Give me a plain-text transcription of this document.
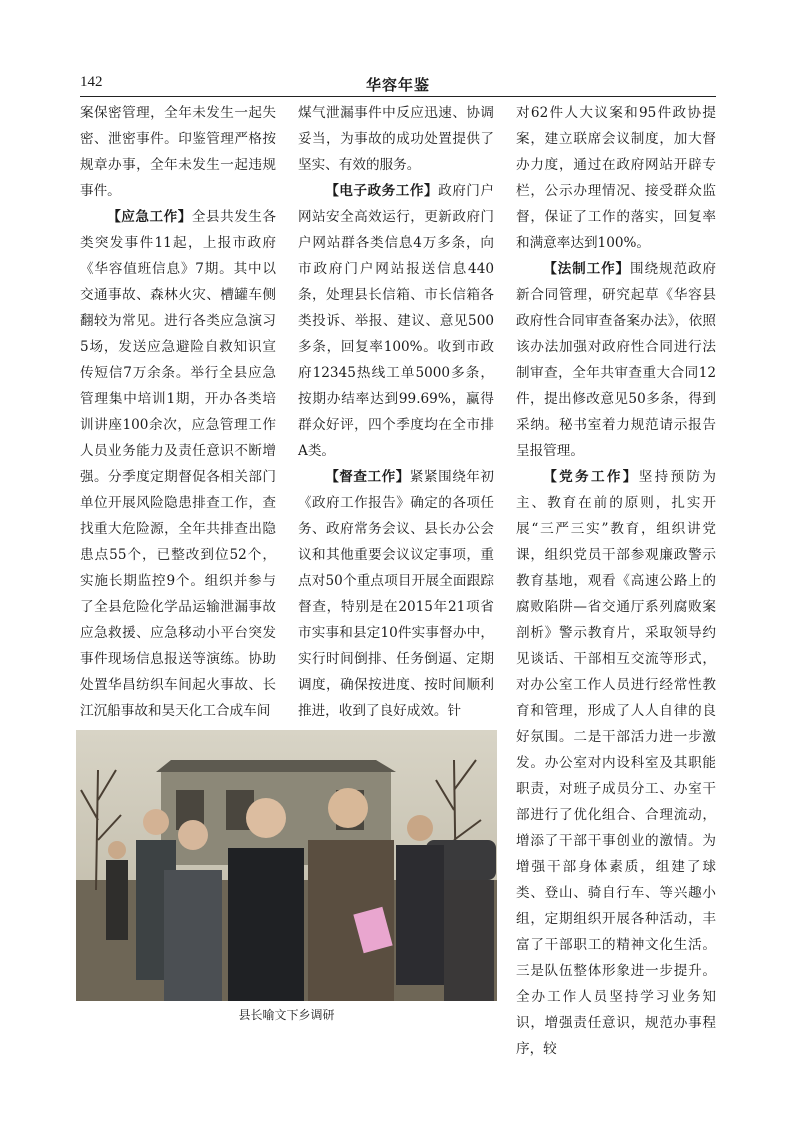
142	华容年鉴

案保密管理，全年未发生一起失密、泄密事件。印鉴管理严格按规章办事，全年未发生一起违规事件。

【应急工作】全县共发生各类突发事件11起，上报市政府《华容值班信息》7期。其中以交通事故、森林火灾、槽罐车侧翻较为常见。进行各类应急演习5场，发送应急避险自救知识宣传短信7万余条。举行全县应急管理集中培训1期，开办各类培训讲座100余次，应急管理工作人员业务能力及责任意识不断增强。分季度定期督促各相关部门单位开展风险隐患排查工作，查找重大危险源，全年共排查出隐患点55个，已整改到位52个，实施长期监控9个。组织并参与了全县危险化学品运输泄漏事故应急救援、应急移动小平台突发事件现场信息报送等演练。协助处置华昌纺织车间起火事故、长江沉船事故和昊天化工合成车间

煤气泄漏事件中反应迅速、协调妥当，为事故的成功处置提供了坚实、有效的服务。

【电子政务工作】政府门户网站安全高效运行，更新政府门户网站群各类信息4万多条，向市政府门户网站报送信息440条，处理县长信箱、市长信箱各类投诉、举报、建议、意见500多条，回复率100%。收到市政府12345热线工单5000多条，按期办结率达到99.69%，赢得群众好评，四个季度均在全市排A类。

【督查工作】紧紧围绕年初《政府工作报告》确定的各项任务、政府常务会议、县长办公会议和其他重要会议议定事项，重点对50个重点项目开展全面跟踪督查，特别是在2015年21项省市实事和县定10件实事督办中，实行时间倒排、任务倒逼、定期调度，确保按进度、按时间顺利推进，收到了良好成效。针

对62件人大议案和95件政协提案，建立联席会议制度，加大督办力度，通过在政府网站开辟专栏，公示办理情况、接受群众监督，保证了工作的落实，回复率和满意率达到100%。

【法制工作】围绕规范政府新合同管理，研究起草《华容县政府性合同审查备案办法》，依照该办法加强对政府性合同进行法制审查，全年共审查重大合同12件，提出修改意见50多条，得到采纳。秘书室着力规范请示报告呈报管理。

【党务工作】坚持预防为主、教育在前的原则，扎实开展“三严三实”教育，组织讲党课，组织党员干部参观廉政警示教育基地，观看《高速公路上的腐败陷阱—省交通厅系列腐败案剖析》警示教育片，采取领导约见谈话、干部相互交流等形式，对办公室工作人员进行经常性教育和管理，形成了人人自律的良好氛围。二是干部活力进一步激发。办公室对内设科室及其职能职责，对班子成员分工、办室干部进行了优化组合、合理流动，增添了干部干事创业的激情。为增强干部身体素质，组建了球类、登山、骑自行车、等兴趣小组，定期组织开展各种活动，丰富了干部职工的精神文化生活。三是队伍整体形象进一步提升。全办工作人员坚持学习业务知识，增强责任意识，规范办事程序，较

县长喻文下乡调研
